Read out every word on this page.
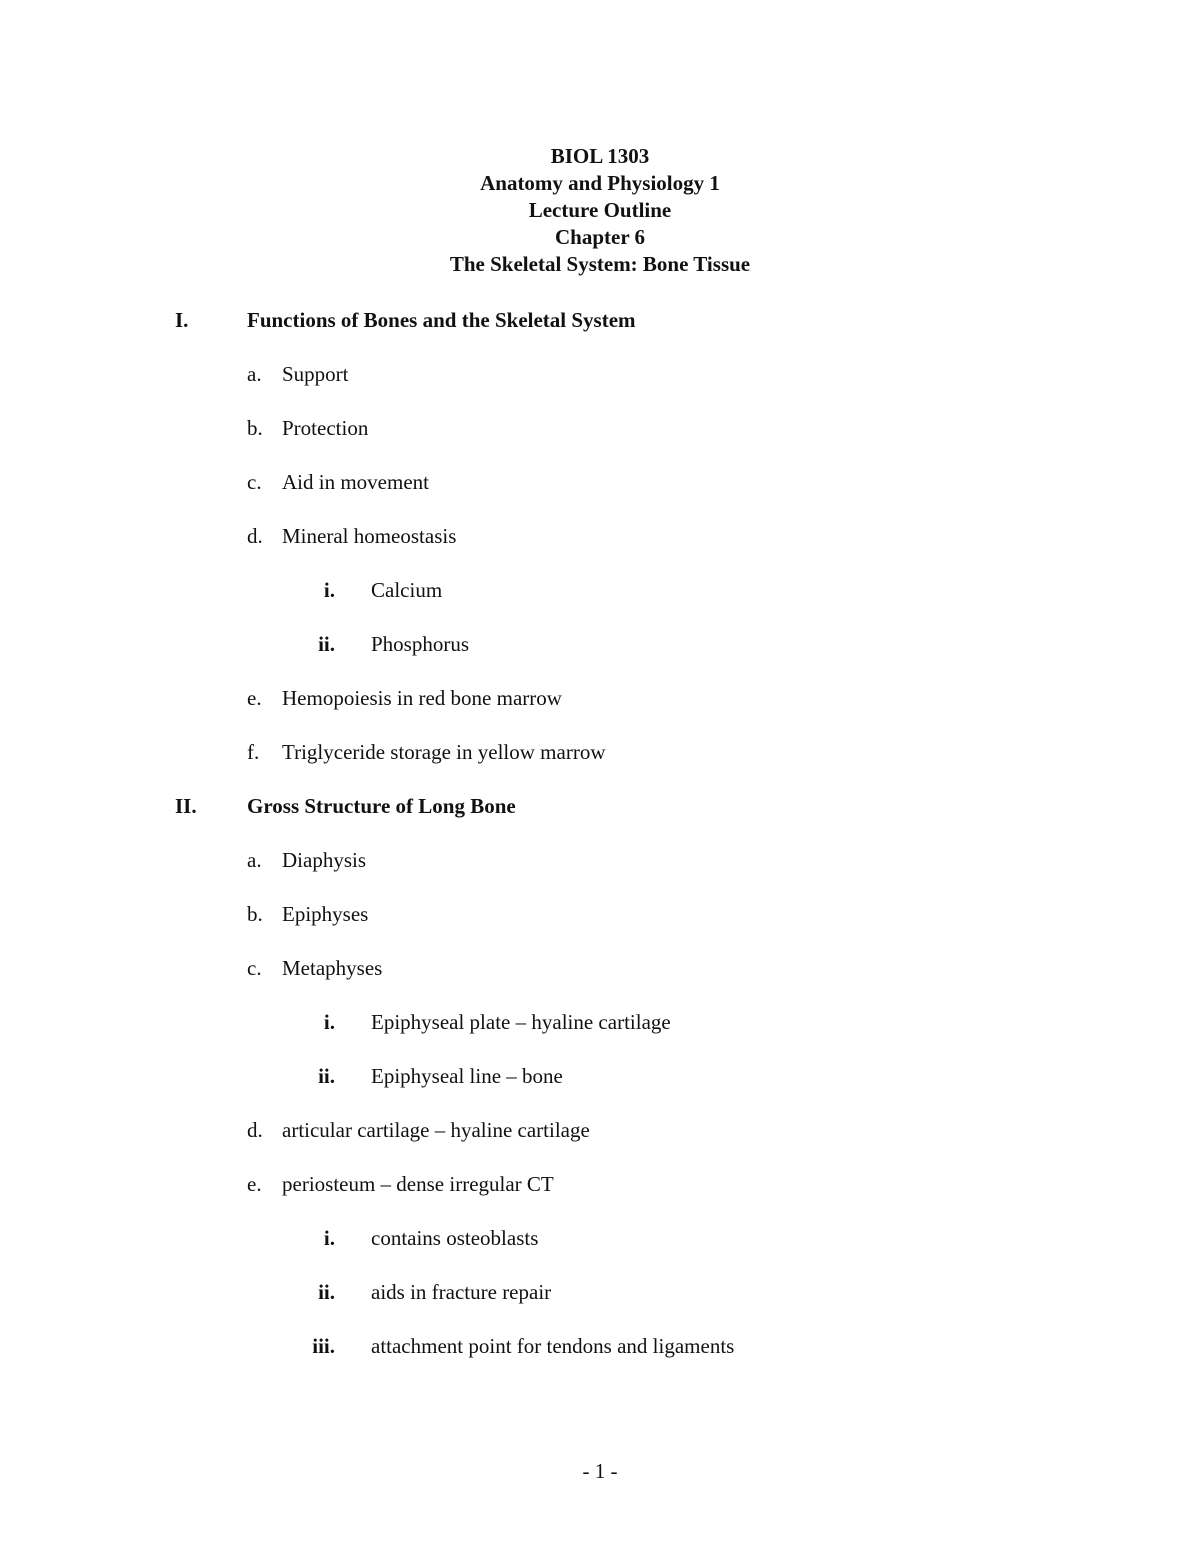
BIOL 1303
Anatomy and Physiology 1
Lecture Outline
Chapter 6
The Skeletal System: Bone Tissue
I.	Functions of Bones and the Skeletal System
a. Support
b. Protection
c. Aid in movement
d. Mineral homeostasis
i. Calcium
ii. Phosphorus
e. Hemopoiesis in red bone marrow
f. Triglyceride storage in yellow marrow
II. Gross Structure of Long Bone
a. Diaphysis
b. Epiphyses
c. Metaphyses
i. Epiphyseal plate – hyaline cartilage
ii. Epiphyseal line – bone
d. articular cartilage – hyaline cartilage
e. periosteum – dense irregular CT
i. contains osteoblasts
ii. aids in fracture repair
iii. attachment point for tendons and ligaments
- 1 -
